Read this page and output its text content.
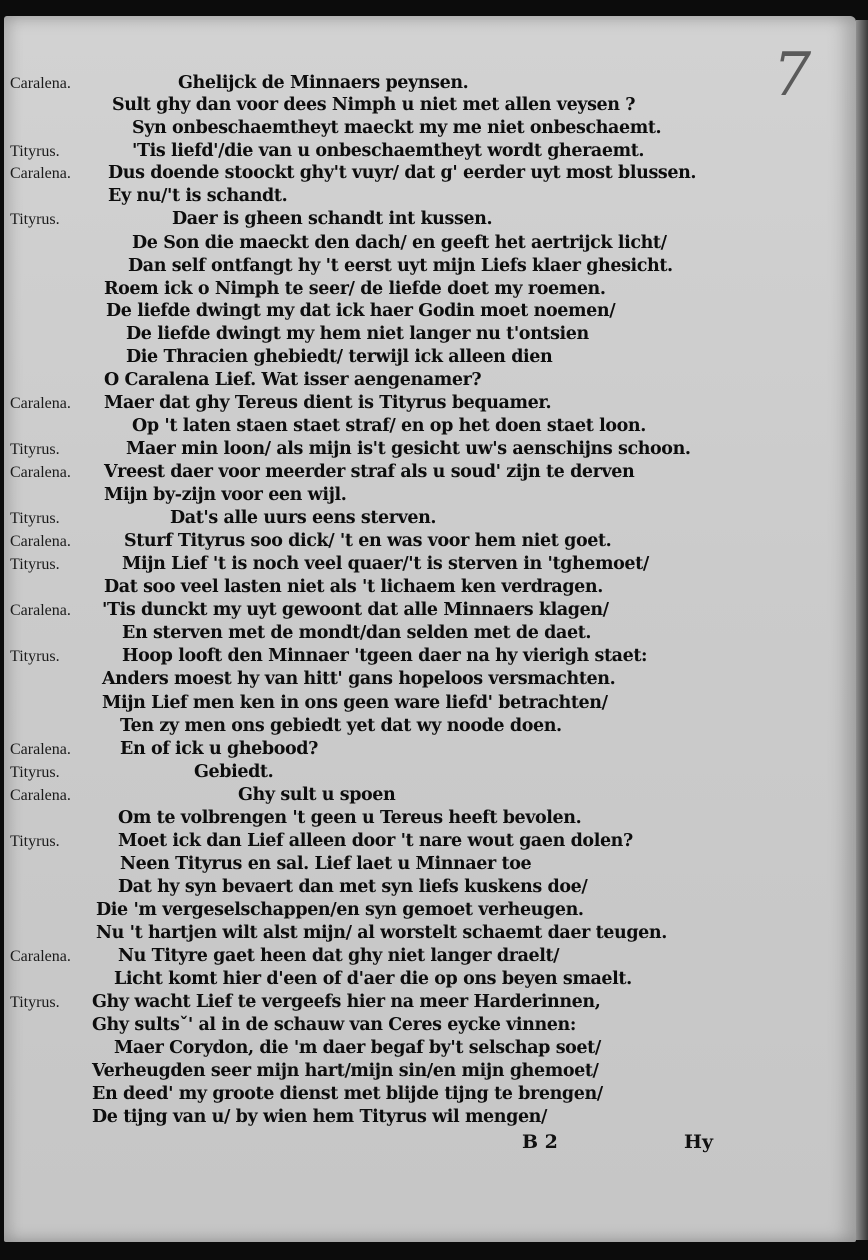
7
Caralena.	Ghelijck de Minnaers peynsen.
Sult ghy dan voor dees Nimph u niet met allen veysen ?
Syn onbeschaemtheyt maeckt my me niet onbeschaemt.
Tityrus.	'Tis liefd'/die van u onbeschaemtheyt wordt gheraemt.
Caralena. Dus doende stoockt ghy't vuyr/ dat g' eerder uyt most blussen.
Ey nu/'t is schandt.
Tityrus.	Daer is gheen schandt int kussen.
De Son die maeckt den dach/ en geeft het aertrijck licht/
Dan self ontfangt hy 't eerst uyt mijn Liefs klaer ghesicht.
Roem ick o Nimph te seer/ de liefde doet my roemen.
De liefde dwingt my dat ick haer Godin moet noemen/
De liefde dwingt my hem niet langer nu t'ontsien
Die Thracien ghebiedt/ terwijl ick alleen dien
O Caralena Lief. Wat isser aengenamer?
Caralena. Maer dat ghy Tereus dient is Tityrus bequamer.
Op 't laten staen staet straf/ en op het doen staet loon.
Tityrus.	Maer min loon/ als mijn is't gesicht uw's aenschijns schoon.
Caralena. Vreest daer voor meerder straf als u soud' zijn te derven
Mijn by-zijn voor een wijl.
Tityrus.	Dat's alle uurs eens sterven.
Caralena.	Sturf Tityrus soo dick/ 't en was voor hem niet goet.
Tityrus.	Mijn Lief 't is noch veel quaer/'t is sterven in 'tghemoet/
Dat soo veel lasten niet als 't lichaem ken verdragen.
Caralena. 'Tis dunckt my uyt gewoont dat alle Minnaers klagen/
En sterven met de mondt/dan selden met de daet.
Tityrus.	Hoop looft den Minnaer 'tgeen daer na hy vierigh staet:
Anders moest hy van hitt' gans hopeloos versmachten.
Mijn Lief men ken in ons geen ware liefd' betrachten/
Ten zy men ons gebiedt yet dat wy noode doen.
Caralena.	En of ick u ghebood?
Tityrus.	Gebiedt.
Caralena.	Ghy sult u spoen
Om te volbrengen 't geen u Tereus heeft bevolen.
Tityrus.	Moet ick dan Lief alleen door 't nare wout gaen dolen?
Neen Tityrus en sal. Lief laet u Minnaer toe
Dat hy syn bevaert dan met syn liefs kuskens doe/
Die 'm vergeselschappen/en syn gemoet verheugen.
Nu 't hartjen wilt alst mijn/ al worstelt schaemt daer teugen.
Caralena.	Nu Tityre gaet heen dat ghy niet langer draelt/
Licht komt hier d'een of d'aer die op ons beyen smaelt.
Tityrus. Ghy wacht Lief te vergeefs hier na meer Harderinnen,
Ghy sultsˇ' al in de schauw van Ceres eycke vinnen:
Maer Corydon, die 'm daer begaf by't selschap soet/
Verheugden seer mijn hart/mijn sin/en mijn ghemoet/
En deed' my groote dienst met blijde tijng te brengen/
De tijng van u/ by wien hem Tityrus wil mengen/
B 2	Hy
